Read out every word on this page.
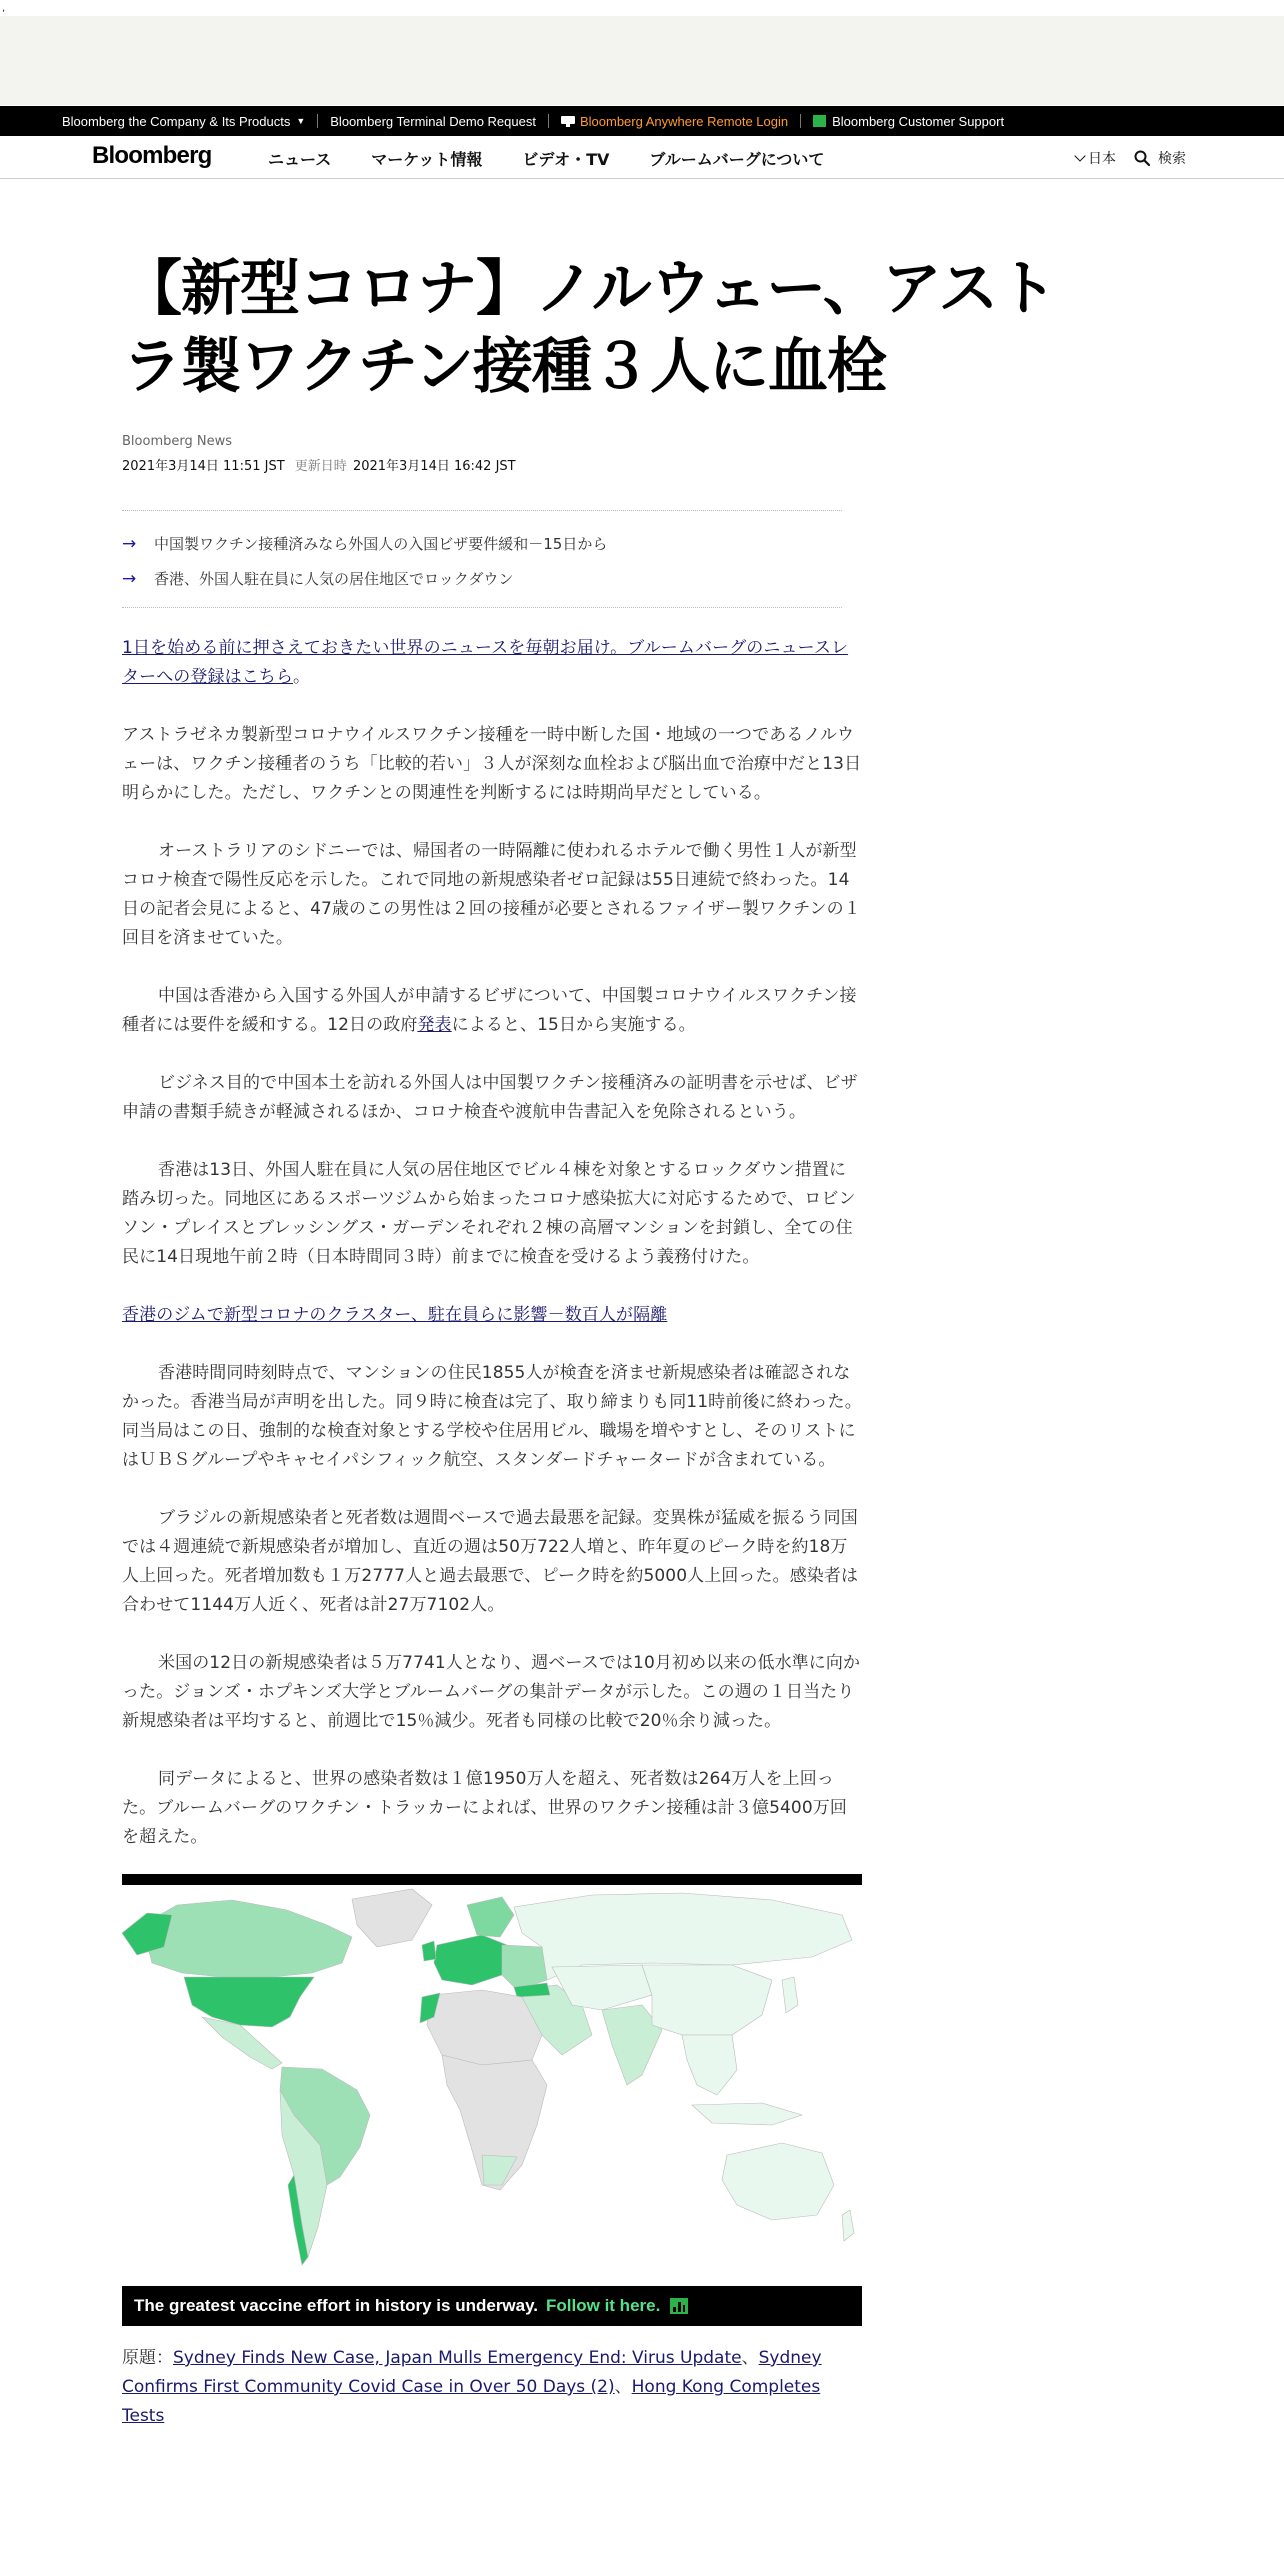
,
Bloomberg the Company & Its Products ▼ Bloomberg Terminal Demo Request	Bloomberg Anywhere Remote Login	Bloomberg Customer Support
Bloomberg	ニュース	マーケット情報	ビデオ・TV	ブルームバーグについて	日本	検索
【新型コロナ】ノルウェー、アスト
ラ製ワクチン接種３人に血栓
Bloomberg News
2021年3月14日 11:51 JST 更新日時 2021年3月14日 16:42 JST
→ 中国製ワクチン接種済みなら外国人の入国ビザ要件緩和－15日から
→ 香港、外国人駐在員に人気の居住地区でロックダウン

1日を始める前に押さえておきたい世界のニュースを毎朝お届け。ブルームバーグのニュースレターへの登録はこちら。

アストラゼネカ製新型コロナウイルスワクチン接種を一時中断した国・地域の一つであるノルウェーは、ワクチン接種者のうち「比較的若い」３人が深刻な血栓および脳出血で治療中だと13日明らかにした。ただし、ワクチンとの関連性を判断するには時期尚早だとしている。

オーストラリアのシドニーでは、帰国者の一時隔離に使われるホテルで働く男性１人が新型コロナ検査で陽性反応を示した。これで同地の新規感染者ゼロ記録は55日連続で終わった。14日の記者会見によると、47歳のこの男性は２回の接種が必要とされるファイザー製ワクチンの１回目を済ませていた。

中国は香港から入国する外国人が申請するビザについて、中国製コロナウイルスワクチン接種者には要件を緩和する。12日の政府発表によると、15日から実施する。

ビジネス目的で中国本土を訪れる外国人は中国製ワクチン接種済みの証明書を示せば、ビザ申請の書類手続きが軽減されるほか、コロナ検査や渡航申告書記入を免除されるという。

香港は13日、外国人駐在員に人気の居住地区でビル４棟を対象とするロックダウン措置に踏み切った。同地区にあるスポーツジムから始まったコロナ感染拡大に対応するためで、ロビンソン・プレイスとブレッシングス・ガーデンそれぞれ２棟の高層マンションを封鎖し、全ての住民に14日現地午前２時（日本時間同３時）前までに検査を受けるよう義務付けた。

香港のジムで新型コロナのクラスター、駐在員らに影響－数百人が隔離

香港時間同時刻時点で、マンションの住民1855人が検査を済ませ新規感染者は確認されなかった。香港当局が声明を出した。同９時に検査は完了、取り締まりも同11時前後に終わった。同当局はこの日、強制的な検査対象とする学校や住居用ビル、職場を増やすとし、そのリストにはＵＢＳグループやキャセイパシフィック航空、スタンダードチャータードが含まれている。

ブラジルの新規感染者と死者数は週間ベースで過去最悪を記録。変異株が猛威を振るう同国では４週連続で新規感染者が増加し、直近の週は50万722人増と、昨年夏のピーク時を約18万人上回った。死者増加数も１万2777人と過去最悪で、ピーク時を約5000人上回った。感染者は合わせて1144万人近く、死者は計27万7102人。

米国の12日の新規感染者は５万7741人となり、週ベースでは10月初め以来の低水準に向かった。ジョンズ・ホプキンズ大学とブルームバーグの集計データが示した。この週の１日当たり新規感染者は平均すると、前週比で15％減少。死者も同様の比較で20％余り減った。

同データによると、世界の感染者数は１億1950万人を超え、死者数は264万人を上回った。ブルームバーグのワクチン・トラッカーによれば、世界のワクチン接種は計３億5400万回を超えた。

The greatest vaccine effort in history is underway. Follow it here.

原題：Sydney Finds New Case, Japan Mulls Emergency End: Virus Update、Sydney Confirms First Community Covid Case in Over 50 Days (2)、Hong Kong Completes Tests
